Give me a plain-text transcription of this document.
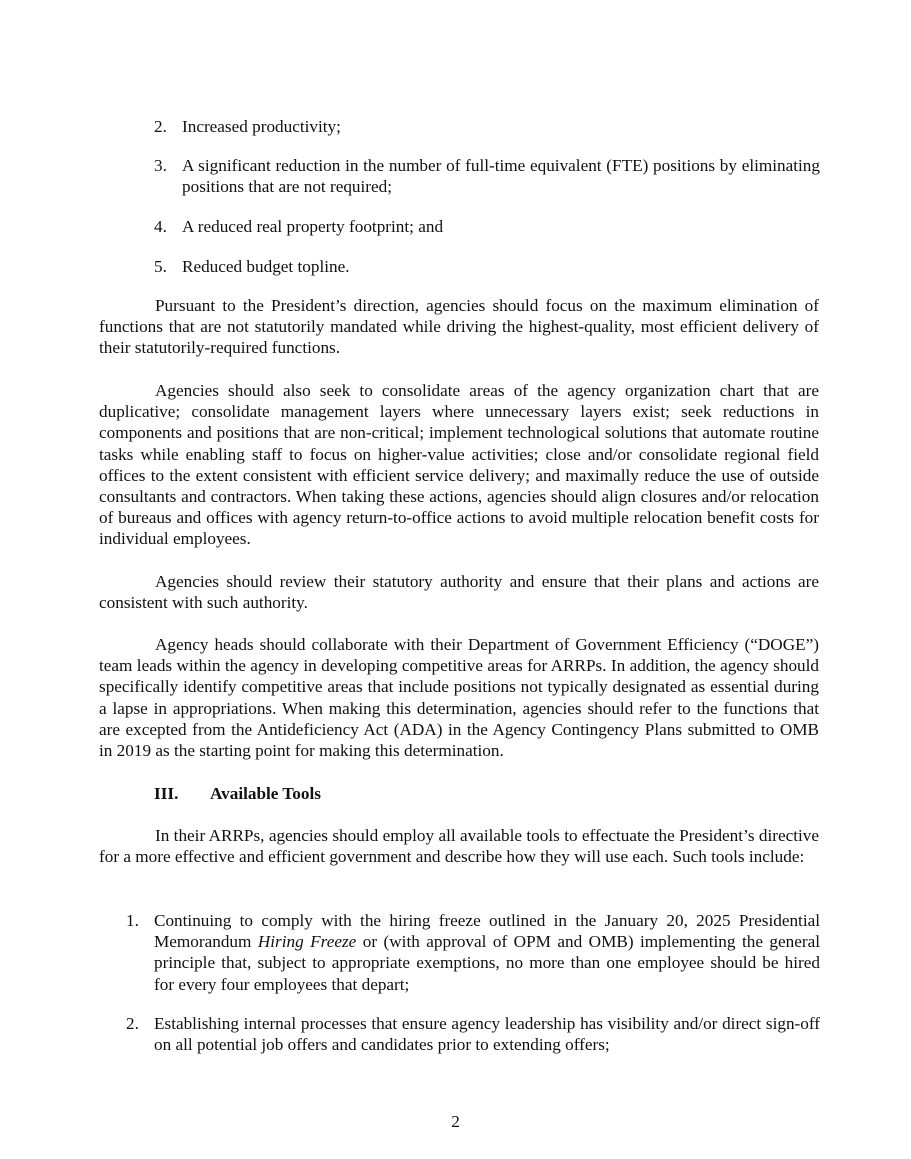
2. Increased productivity;
3. A significant reduction in the number of full-time equivalent (FTE) positions by eliminating positions that are not required;
4. A reduced real property footprint; and
5. Reduced budget topline.
Pursuant to the President’s direction, agencies should focus on the maximum elimination of functions that are not statutorily mandated while driving the highest-quality, most efficient delivery of their statutorily-required functions.
Agencies should also seek to consolidate areas of the agency organization chart that are duplicative; consolidate management layers where unnecessary layers exist; seek reductions in components and positions that are non-critical; implement technological solutions that automate routine tasks while enabling staff to focus on higher-value activities; close and/or consolidate regional field offices to the extent consistent with efficient service delivery; and maximally reduce the use of outside consultants and contractors. When taking these actions, agencies should align closures and/or relocation of bureaus and offices with agency return-to-office actions to avoid multiple relocation benefit costs for individual employees.
Agencies should review their statutory authority and ensure that their plans and actions are consistent with such authority.
Agency heads should collaborate with their Department of Government Efficiency (“DOGE”) team leads within the agency in developing competitive areas for ARRPs. In addition, the agency should specifically identify competitive areas that include positions not typically designated as essential during a lapse in appropriations. When making this determination, agencies should refer to the functions that are excepted from the Antideficiency Act (ADA) in the Agency Contingency Plans submitted to OMB in 2019 as the starting point for making this determination.
III. Available Tools
In their ARRPs, agencies should employ all available tools to effectuate the President’s directive for a more effective and efficient government and describe how they will use each. Such tools include:
1. Continuing to comply with the hiring freeze outlined in the January 20, 2025 Presidential Memorandum Hiring Freeze or (with approval of OPM and OMB) implementing the general principle that, subject to appropriate exemptions, no more than one employee should be hired for every four employees that depart;
2. Establishing internal processes that ensure agency leadership has visibility and/or direct sign-off on all potential job offers and candidates prior to extending offers;
2
